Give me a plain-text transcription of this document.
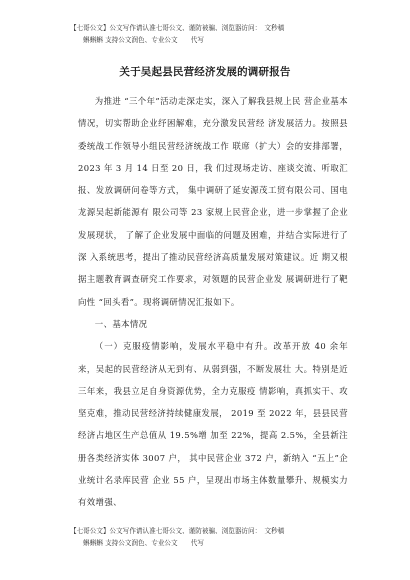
【七哥公文】公文写作请认准七哥公文、谨防被骗、浏览器访问：　文秒稿
　　蝌蝌蝌 支持公文润色、专业公文　　代写
关于吴起县民营经济发展的调研报告

为推进 “三个年”活动走深走实，深入了解我县规上民 营企业基本情况，切实帮助企业纾困解难，充分激发民营经 济发展活力。按照县委统战工作领导小组民营经济统战工作 联席（扩大）会的安排部署，2023 年 3 月 14 日至 20 日，我 们过现场走访、座谈交流、听取汇报、发放调研问卷等方式， 集中调研了延安源茂工贸有限公司、国电龙源吴起新能源有 限公司等 23 家规上民营企业，进一步掌握了企业发展现状， 了解了企业发展中面临的问题及困难，并结合实际进行了深 入系统思考，提出了推动民营经济高质量发展对策建议。近 期又根据主题教育调查研究工作要求，对领题的民营企业发 展调研进行了靶向性 “回头看”。现将调研情况汇报如下。

一、基本情况

（一）克服疫情影响，发展水平稳中有升。改革开放 40 余年来，吴起的民营经济从无到有、从弱到强，不断发展壮 大。特别是近三年来，我县立足自身资源优势，全力克服疫 情影响，真抓实干、攻坚克难，推动民营经济持续健康发展， 2019 至 2022 年，县县民营经济占地区生产总值从 19.5%增 加至 22%，提高 2.5%，全县新注册各类经济实体 3007 户， 其中民营企业 372 户，新纳入 “五上”企业统计名录库民营 企业 55 户，呈现出市场主体数量攀升、规模实力有效增强、

【七哥公文】公文写作请认准七哥公文、谨防被骗、浏览器访问：　文秒稿
　　蝌蝌蝌 支持公文润色、专业公文　　代写
